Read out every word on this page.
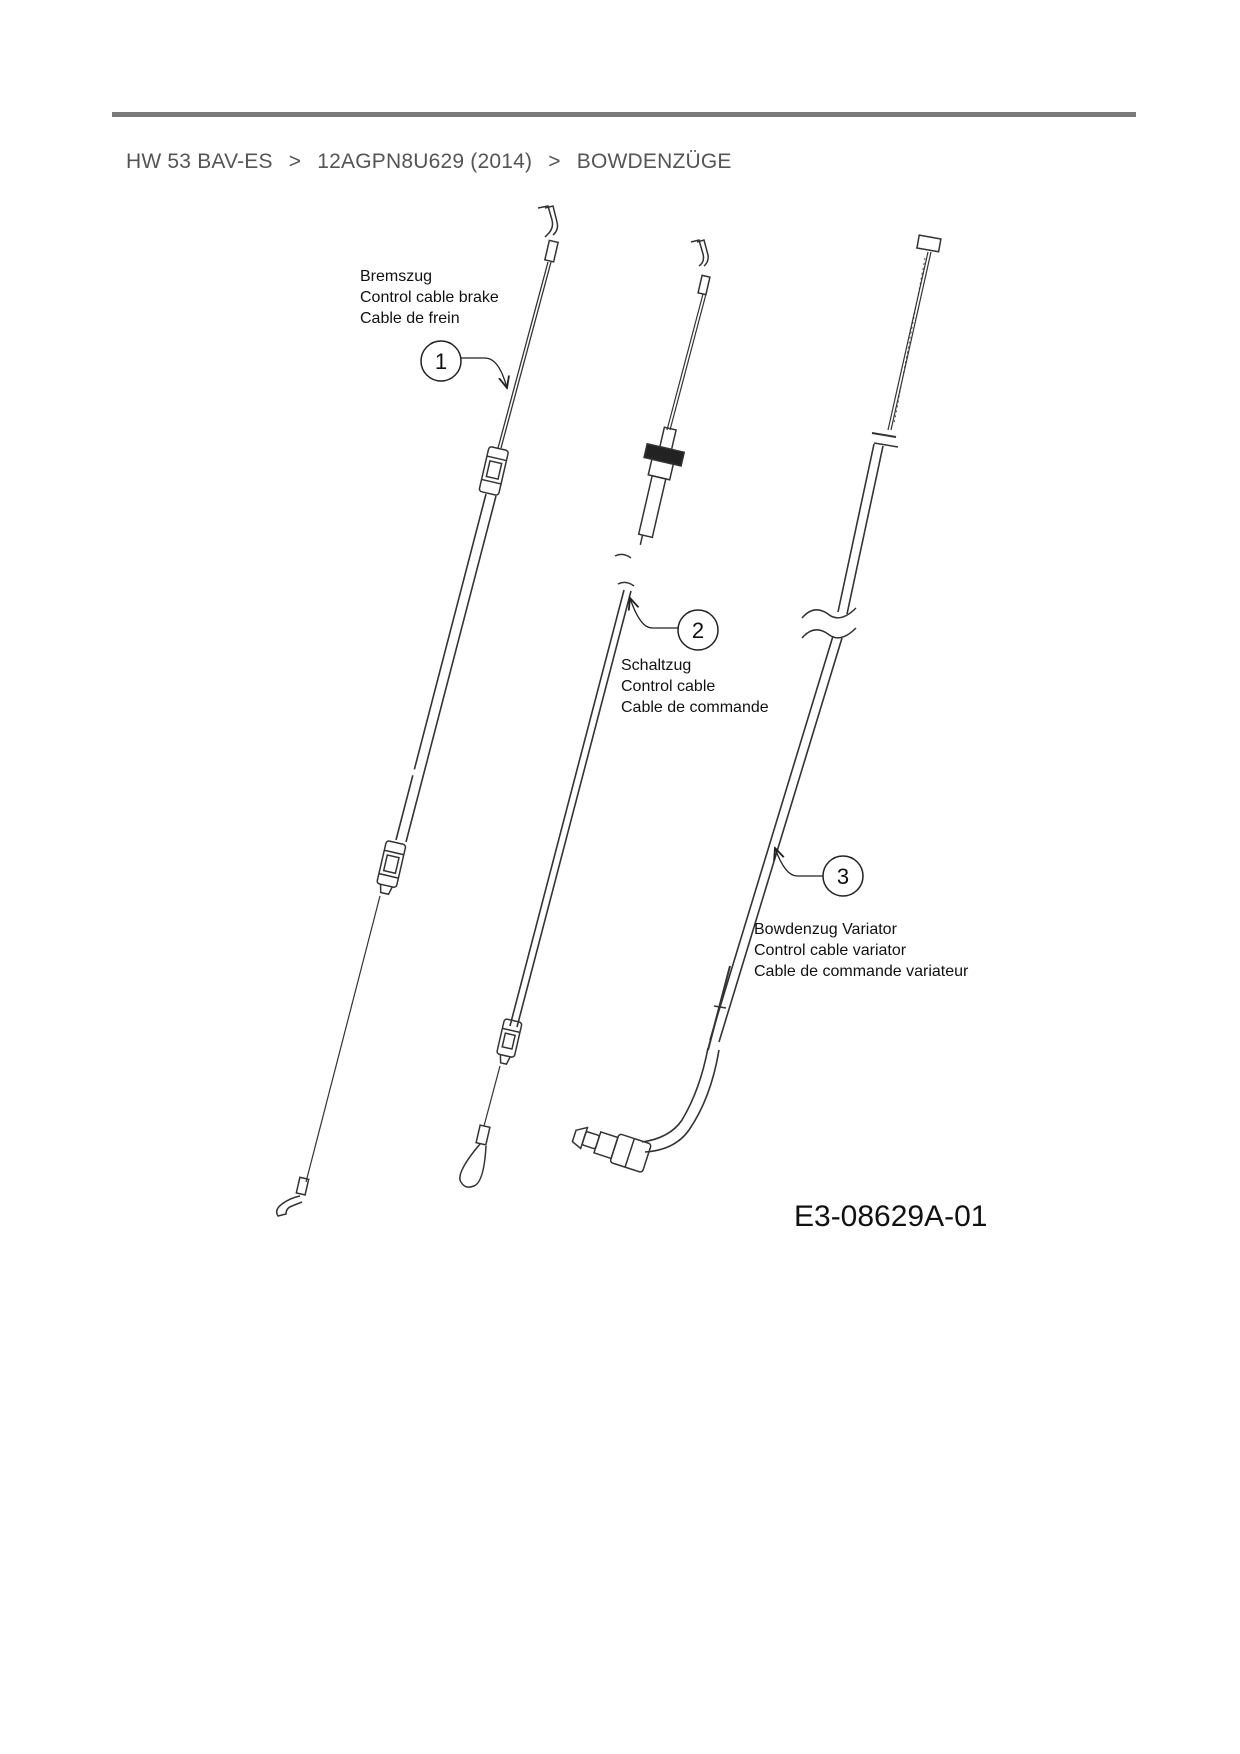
HW 53 BAV-ES > 12AGPN8U629 (2014) > BOWDENZÜGE
1
2
3
Bremszug
Control cable brake
Cable de frein
Schaltzug
Control cable
Cable de commande
Bowdenzug Variator
Control cable variator
Cable de commande variateur
E3-08629A-01
